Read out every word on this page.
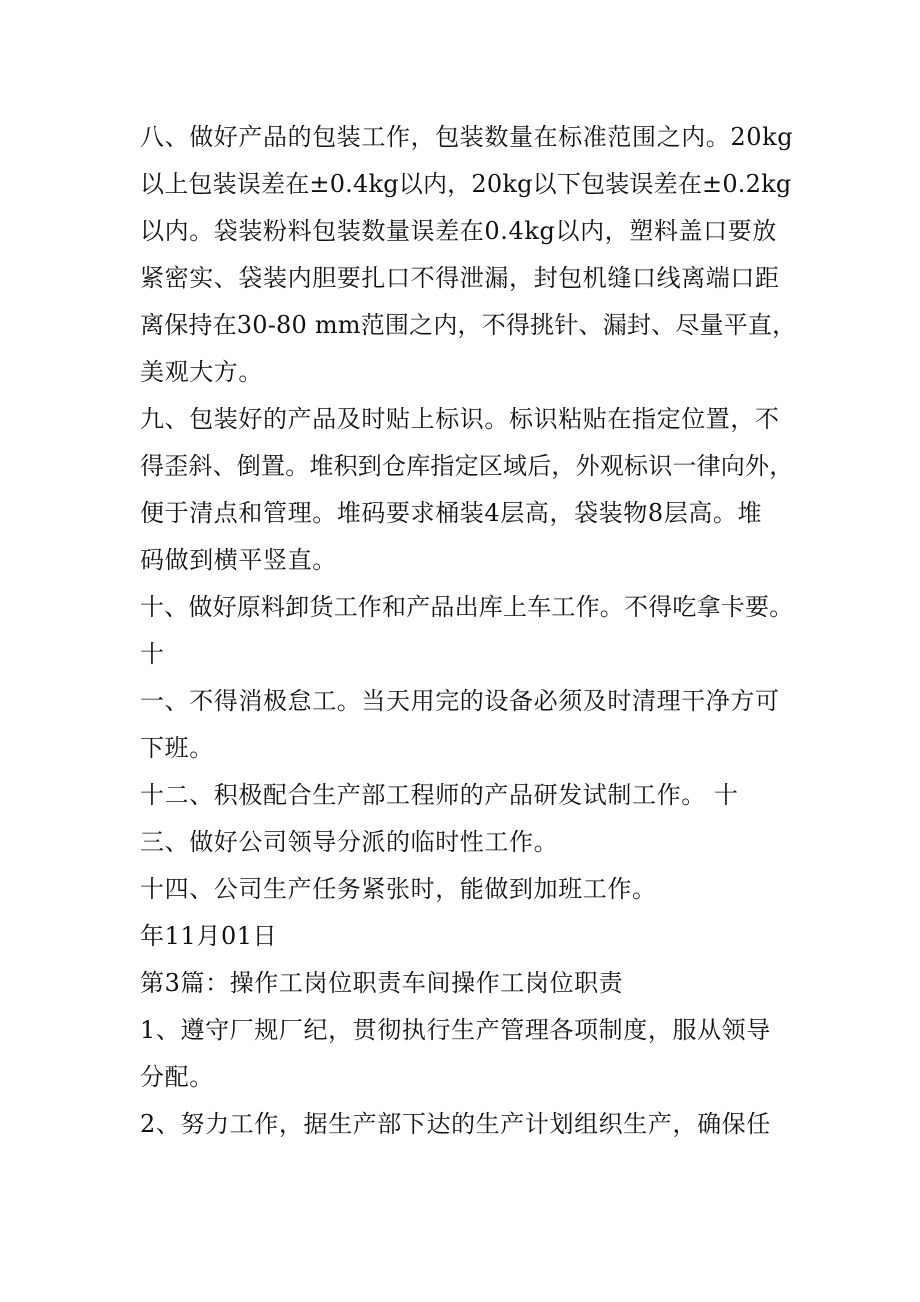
八、做好产品的包装工作，包装数量在标准范围之内。20kg
以上包装误差在±0.4kg以内，20kg以下包装误差在±0.2kg
以内。袋装粉料包装数量误差在0.4kg以内，塑料盖口要放
紧密实、袋装内胆要扎口不得泄漏，封包机缝口线离端口距
离保持在30-80 mm范围之内，不得挑针、漏封、尽量平直，
美观大方。
九、包装好的产品及时贴上标识。标识粘贴在指定位置，不
得歪斜、倒置。堆积到仓库指定区域后，外观标识一律向外，
便于清点和管理。堆码要求桶装4层高，袋装物8层高。堆
码做到横平竖直。
十、做好原料卸货工作和产品出库上车工作。不得吃拿卡要。
十
一、不得消极怠工。当天用完的设备必须及时清理干净方可
下班。
十二、积极配合生产部工程师的产品研发试制工作。 十
三、做好公司领导分派的临时性工作。
十四、公司生产任务紧张时，能做到加班工作。
年11月01日
第3篇：操作工岗位职责车间操作工岗位职责
1、遵守厂规厂纪，贯彻执行生产管理各项制度，服从领导
分配。
2、努力工作，据生产部下达的生产计划组织生产，确保任
